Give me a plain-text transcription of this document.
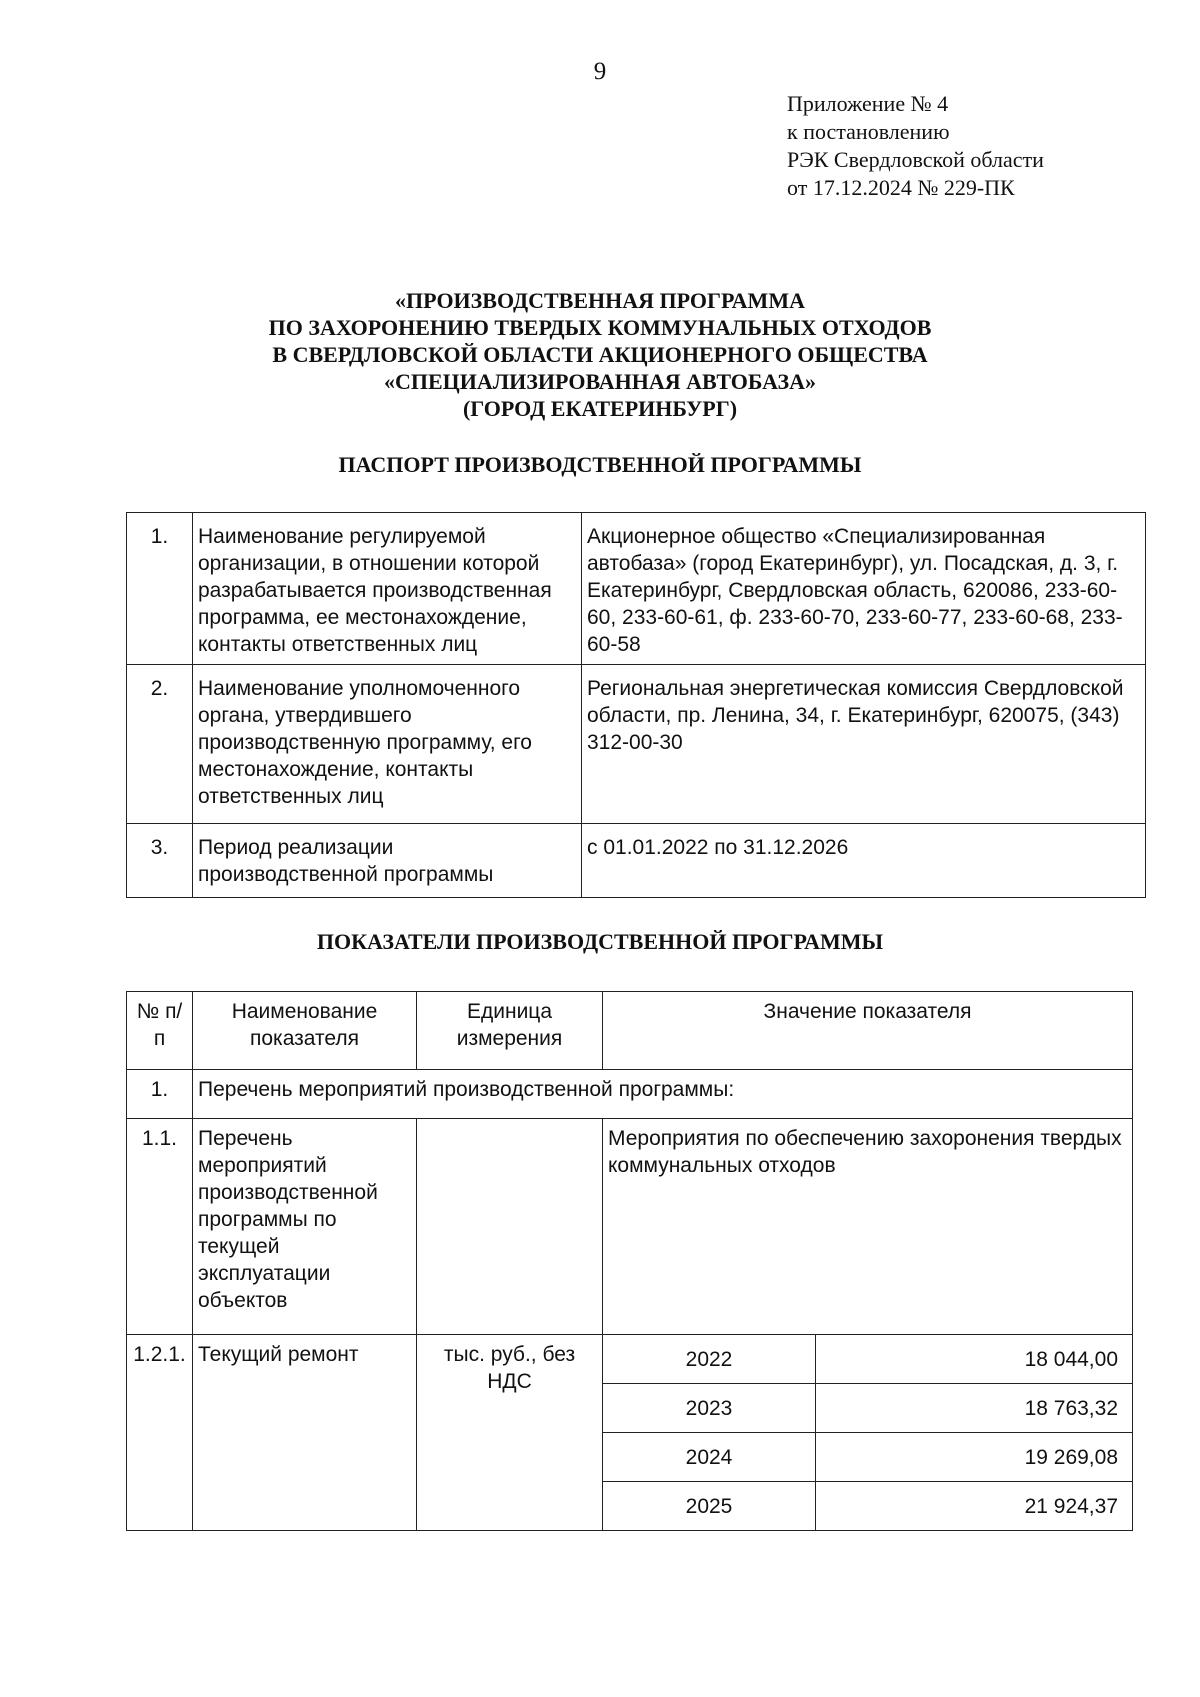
9
Приложение № 4
к постановлению
РЭК Свердловской области
от 17.12.2024 № 229-ПК
«ПРОИЗВОДСТВЕННАЯ ПРОГРАММА
ПО ЗАХОРОНЕНИЮ ТВЕРДЫХ КОММУНАЛЬНЫХ ОТХОДОВ
В СВЕРДЛОВСКОЙ ОБЛАСТИ АКЦИОНЕРНОГО ОБЩЕСТВА
«СПЕЦИАЛИЗИРОВАННАЯ АВТОБАЗА»
(ГОРОД ЕКАТЕРИНБУРГ)
ПАСПОРТ ПРОИЗВОДСТВЕННОЙ ПРОГРАММЫ
1.	Наименование регулируемой организации, в отношении которой разрабатывается производственная программа, ее местонахождение, контакты ответственных лиц	Акционерное общество «Специализированная автобаза» (город Екатеринбург), ул. Посадская, д. 3, г. Екатеринбург, Свердловская область, 620086, 233-60-60, 233-60-61, ф. 233-60-70, 233-60-77, 233-60-68, 233-60-58
2.	Наименование уполномоченного органа, утвердившего производственную программу, его местонахождение, контакты ответственных лиц	Региональная энергетическая комиссия Свердловской области, пр. Ленина, 34, г. Екатеринбург, 620075, (343) 312-00-30
3.	Период реализации производственной программы	с 01.01.2022 по 31.12.2026
ПОКАЗАТЕЛИ ПРОИЗВОДСТВЕННОЙ ПРОГРАММЫ
№ п/п	Наименование показателя	Единица измерения	Значение показателя	
1.	Перечень мероприятий производственной программы:			
1.1.	Перечень мероприятий производственной программы по текущей эксплуатации объектов		Мероприятия по обеспечению захоронения твердых коммунальных отходов	
1.2.1.	Текущий ремонт	тыс. руб., без НДС	2022	18 044,00
			2023	18 763,32
			2024	19 269,08
			2025	21 924,37
